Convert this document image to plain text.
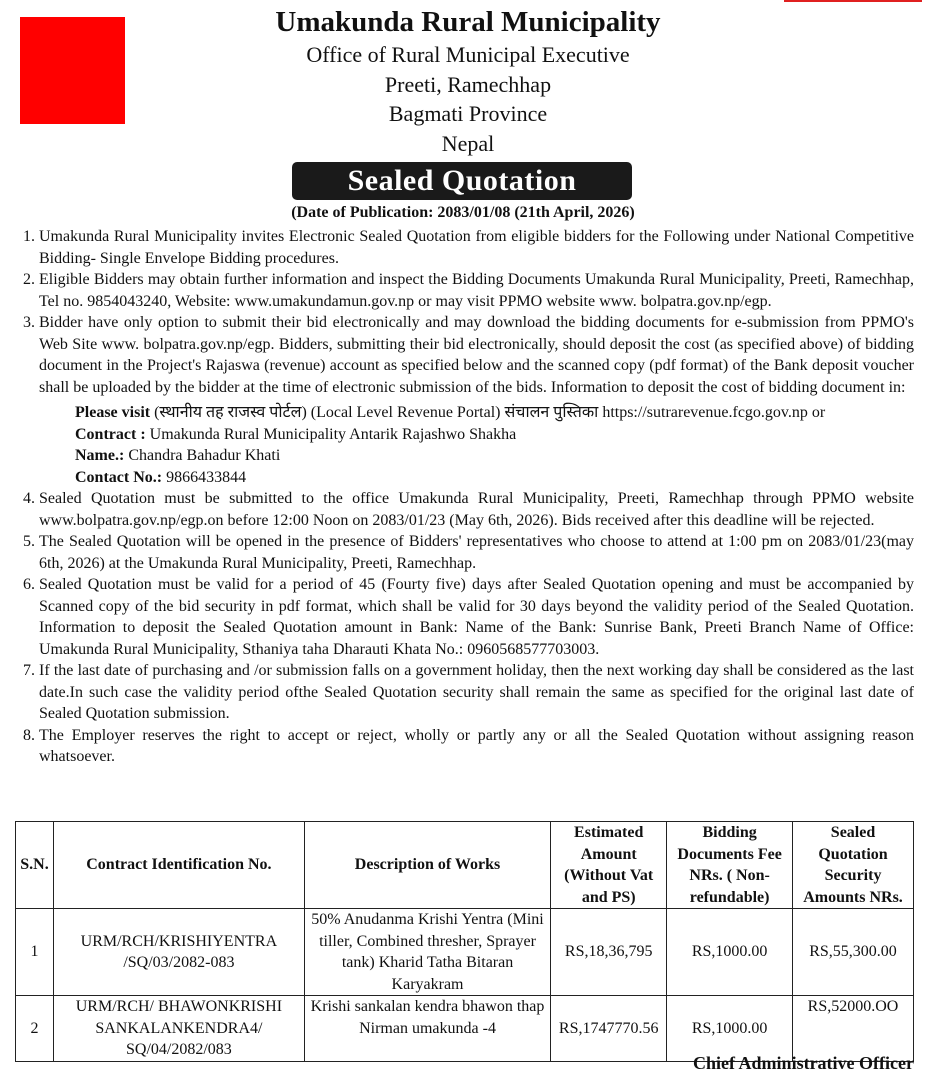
Umakunda Rural Municipality
Office of Rural Municipal Executive
Preeti, Ramechhap
Bagmati Province
Nepal
Sealed Quotation
(Date of Publication: 2083/01/08 (21th April, 2026)
1. Umakunda Rural Municipality invites Electronic Sealed Quotation from eligible bidders for the Following under National Competitive Bidding- Single Envelope Bidding procedures.
2. Eligible Bidders may obtain further information and inspect the Bidding Documents Umakunda Rural Municipality, Preeti, Ramechhap, Tel no. 9854043240, Website: www.umakundamun.gov.np or may visit PPMO website www. bolpatra.gov.np/egp.
3. Bidder have only option to submit their bid electronically and may download the bidding documents for e-submission from PPMO's Web Site www. bolpatra.gov.np/egp. Bidders, submitting their bid electronically, should deposit the cost (as specified above) of bidding document in the Project's Rajaswa (revenue) account as specified below and the scanned copy (pdf format) of the Bank deposit voucher shall be uploaded by the bidder at the time of electronic submission of the bids. Information to deposit the cost of bidding document in:
Please visit (स्थानीय तह राजस्व पोर्टल) (Local Level Revenue Portal) संचालन पुस्तिका https://sutrarevenue.fcgo.gov.np or
Contract : Umakunda Rural Municipality Antarik Rajashwo Shakha
Name.: Chandra Bahadur Khati
Contact No.: 9866433844
4. Sealed Quotation must be submitted to the office Umakunda Rural Municipality, Preeti, Ramechhap through PPMO website www.bolpatra.gov.np/egp.on before 12:00 Noon on 2083/01/23 (May 6th, 2026). Bids received after this deadline will be rejected.
5. The Sealed Quotation will be opened in the presence of Bidders' representatives who choose to attend at 1:00 pm on 2083/01/23(may 6th, 2026) at the Umakunda Rural Municipality, Preeti, Ramechhap.
6. Sealed Quotation must be valid for a period of 45 (Fourty five) days after Sealed Quotation opening and must be accompanied by Scanned copy of the bid security in pdf format, which shall be valid for 30 days beyond the validity period of the Sealed Quotation. Information to deposit the Sealed Quotation amount in Bank: Name of the Bank: Sunrise Bank, Preeti Branch Name of Office: Umakunda Rural Municipality, Sthaniya taha Dharauti Khata No.: 0960568577703003.
7. If the last date of purchasing and /or submission falls on a government holiday, then the next working day shall be considered as the last date.In such case the validity period ofthe Sealed Quotation security shall remain the same as specified for the original last date of Sealed Quotation submission.
8. The Employer reserves the right to accept or reject, wholly or partly any or all the Sealed Quotation without assigning reason whatsoever.
S.N.	Contract Identification No.	Description of Works	Estimated Amount (Without Vat and PS)	Bidding Documents Fee NRs. ( Non-refundable)	Sealed Quotation Security Amounts NRs.
1	URM/RCH/KRISHIYENTRA /SQ/03/2082-083	50% Anudanma Krishi Yentra (Mini tiller, Combined thresher, Sprayer tank) Kharid Tatha Bitaran Karyakram	RS,18,36,795	RS,1000.00	RS,55,300.00
2	URM/RCH/ BHAWONKRISHI SANKALANKENDRA4/ SQ/04/2082/083	Krishi sankalan kendra bhawon thap Nirman umakunda -4	RS,1747770.56	RS,1000.00	RS,52000.OO
Chief Administrative Officer
